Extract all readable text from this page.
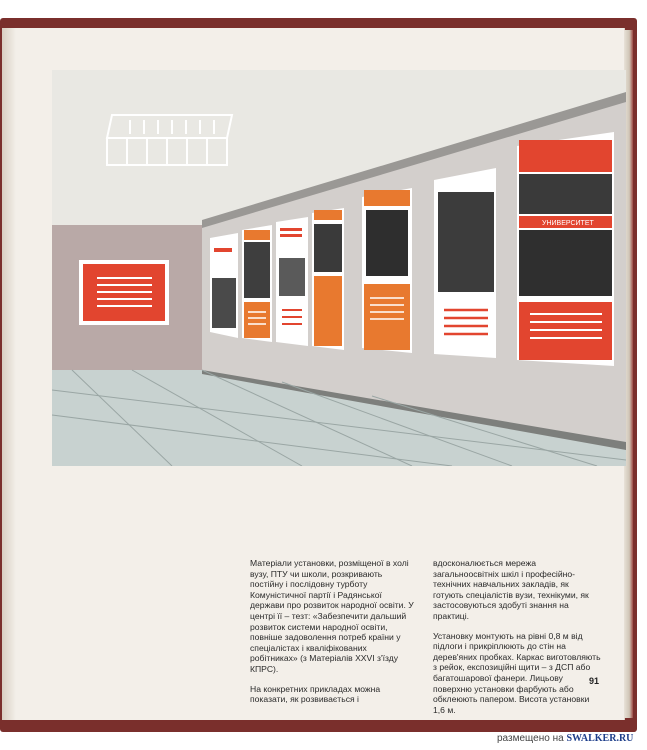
УНИВЕРСИТЕТ

Матеріали установки, розміщеної в холі вузу, ПТУ чи школи, розкривають постійну і послідовну турботу Комуністичної партії і Радянської держави про розвиток народної освіти. У центрі її – тезт: «Забезпечити дальший розвиток системи народної освіти, повніше задоволення потреб країни у спеціалістах і кваліфікованих робітниках» (з Матеріалів XXVI з'їзду КПРС).

На конкретних прикладах можна показати, як розвивається і

вдосконалюється мережа загальноосвітніх шкіл і професійно-технічних навчальних закладів, як готують спеціалістів вузи, технікуми, як застосовуються здобуті знання на практиці.

Установку монтують на рівні 0,8 м від підлоги і прикріплюють до стін на дерев'яних пробках. Каркас виготовляють з рейок, експозиційні щити – з ДСП або багатошарової фанери. Лицьову поверхню установки фарбують або обклеюють папером. Висота установки 1,6 м.

91
размещено на SWALKER.RU
